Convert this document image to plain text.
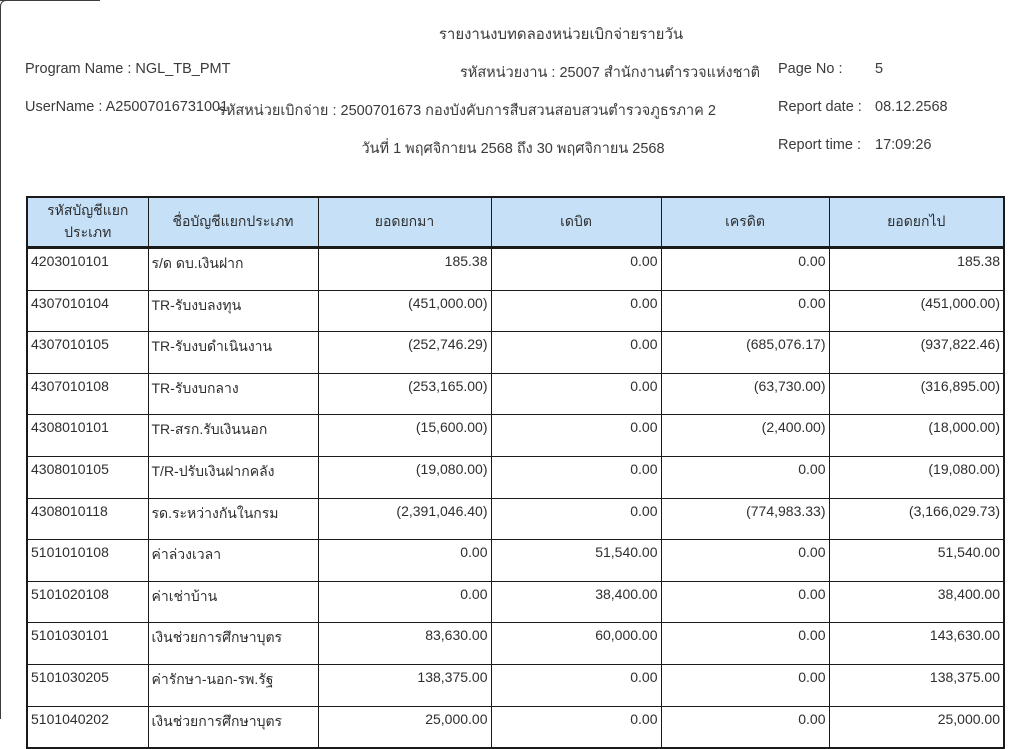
รายงานงบทดลองหน่วยเบิกจ่ายรายวัน
Program Name : NGL_TB_PMT	รหัสหน่วยงาน : 25007 สำนักงานตำรวจแห่งชาติ Page No : 5
UserName : A25007016731001
รหัสหน่วยเบิกจ่าย : 2500701673 กองบังคับการสืบสวนสอบสวนตำรวจภูธรภาค 2	Report date : 08.12.2568
วันที่ 1 พฤศจิกายน 2568 ถึง 30 พฤศจิกายน 2568	Report time : 17:09:26
รหัสบัญชีแยกประเภท	ชื่อบัญชีแยกประเภท	ยอดยกมา	เดบิต	เครดิต	ยอดยกไป
4203010101	ร/ด ดบ.เงินฝาก	185.38	0.00	0.00	185.38
4307010104	TR-รับงบลงทุน	(451,000.00)	0.00	0.00	(451,000.00)
4307010105	TR-รับงบดำเนินงาน	(252,746.29)	0.00	(685,076.17)	(937,822.46)
4307010108	TR-รับงบกลาง	(253,165.00)	0.00	(63,730.00)	(316,895.00)
4308010101	TR-สรก.รับเงินนอก	(15,600.00)	0.00	(2,400.00)	(18,000.00)
4308010105	T/R-ปรับเงินฝากคลัง	(19,080.00)	0.00	0.00	(19,080.00)
4308010118	รด.ระหว่างกันในกรม	(2,391,046.40)	0.00	(774,983.33)	(3,166,029.73)
5101010108	ค่าล่วงเวลา	0.00	51,540.00	0.00	51,540.00
5101020108	ค่าเช่าบ้าน	0.00	38,400.00	0.00	38,400.00
5101030101	เงินช่วยการศึกษาบุตร	83,630.00	60,000.00	0.00	143,630.00
5101030205	ค่ารักษา-นอก-รพ.รัฐ	138,375.00	0.00	0.00	138,375.00
5101040202	เงินช่วยการศึกษาบุตร	25,000.00	0.00	0.00	25,000.00
